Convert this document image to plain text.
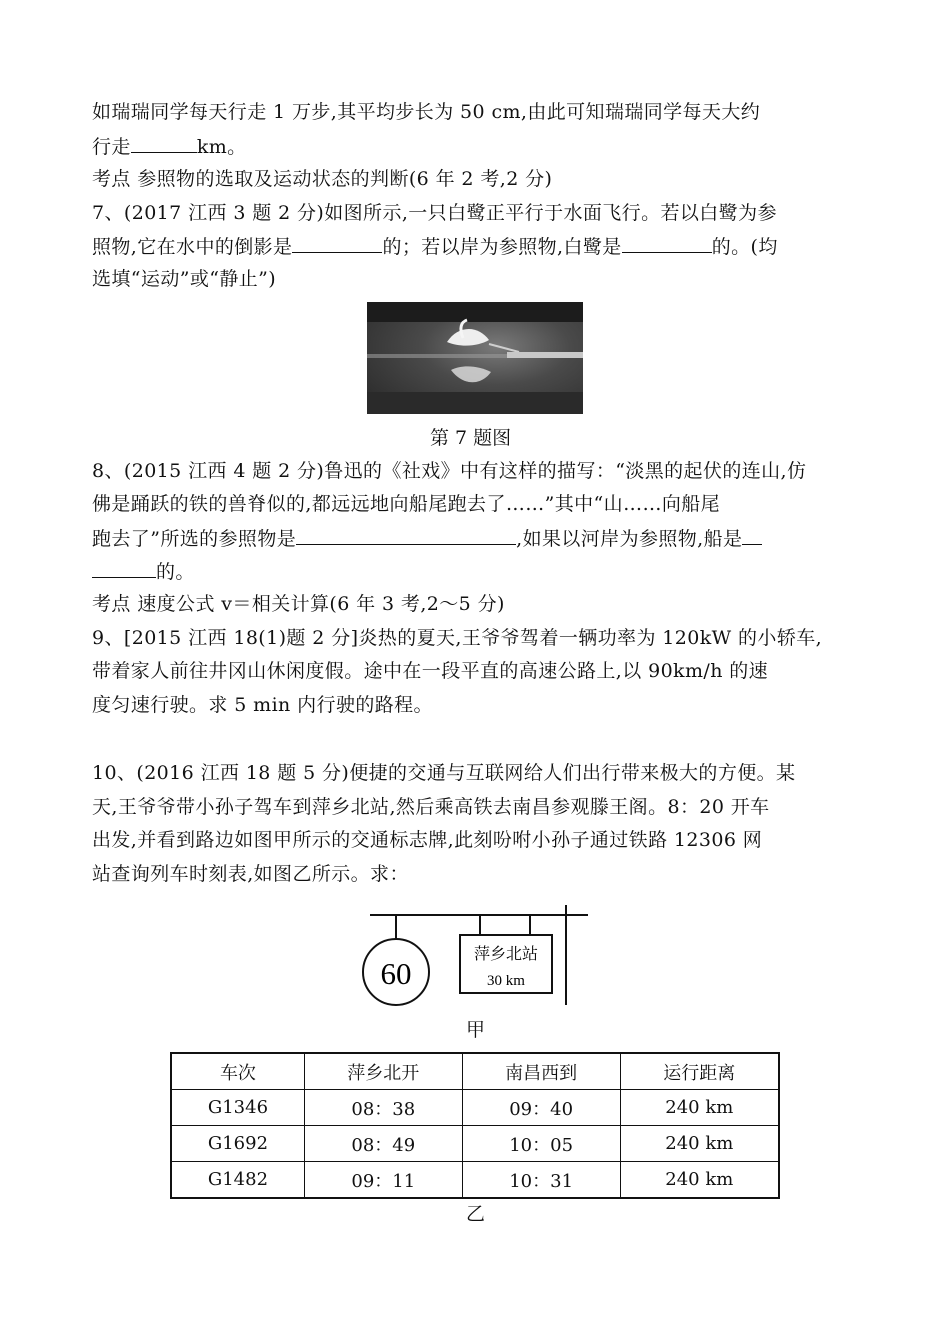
如瑞瑞同学每天行走 1 万步,其平均步长为 50 cm,由此可知瑞瑞同学每天大约
行走	km。
考点 参照物的选取及运动状态的判断(6 年 2 考,2 分)
7、(2017 江西 3 题 2 分)如图所示,一只白鹭正平行于水面飞行。若以白鹭为参
照物,它在水中的倒影是	的；若以岸为参照物,白鹭是	的。(均
选填“运动”或“静止”)
第 7 题图
8、(2015 江西 4 题 2 分)鲁迅的《社戏》中有这样的描写：“淡黑的起伏的连山,仿
佛是踊跃的铁的兽脊似的,都远远地向船尾跑去了……”其中“山……向船尾
跑去了”所选的参照物是	,如果以河岸为参照物,船是
的。
考点 速度公式 v＝相关计算(6 年 3 考,2～5 分)
9、[2015 江西 18(1)题 2 分]炎热的夏天,王爷爷驾着一辆功率为 120kW 的小轿车,
带着家人前往井冈山休闲度假。途中在一段平直的高速公路上,以 90km/h 的速
度匀速行驶。求 5 min 内行驶的路程。
10、(2016 江西 18 题 5 分)便捷的交通与互联网给人们出行带来极大的方便。某
天,王爷爷带小孙子驾车到萍乡北站,然后乘高铁去南昌参观滕王阁。8：20 开车
出发,并看到路边如图甲所示的交通标志牌,此刻吩咐小孙子通过铁路 12306 网
站查询列车时刻表,如图乙所示。求：
60
萍乡北站
30 km
甲
车次	萍乡北开	南昌西到	运行距离
G1346	08：38	09：40	240 km
G1692	08：49	10：05	240 km
G1482	09：11	10：31	240 km
乙
